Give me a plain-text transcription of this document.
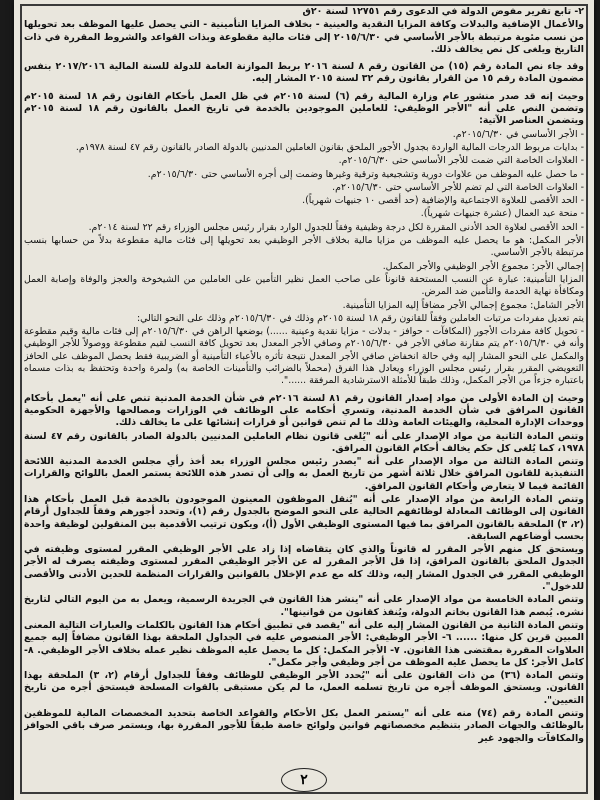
٢- تابع تقرير مفوض الدولة في الدعوى رقم ١٢٧٥١ لسنة ٢٠ق

والأعمال الإضافية والبدلات وكافة المزايا النقدية والعينية - بخلاف المزايا التأمينية - التي يحصل عليها الموظف بعد تحويلها من نسب مئوية مرتبطة بالأجر الأساسي في ٢٠١٥/٦/٣٠ إلى فئات مالية مقطوعة وبذات القواعد والشروط المقررة في ذات التاريخ ويلغى كل نص يخالف ذلك.

وقد جاء نص المادة رقم (١٥) من القانون رقم ٨ لسنة ٢٠١٦ بربط الموازنة العامة للدولة للسنة المالية ٢٠١٧/٢٠١٦ بنفس مضمون المادة رقم ١٥ من القرار بقانون رقم ٣٢ لسنة ٢٠١٥ المشار إليه.

وحيث إنه قد صدر منشور عام وزارة المالية رقم (٦) لسنة ٢٠١٥م في ظل العمل بأحكام القانون رقم ١٨ لسنة ٢٠١٥م وتضمن النص على أنه "الأجر الوظيفي: للعاملين الموجودين بالخدمة في تاريخ العمل بالقانون رقم ١٨ لسنة ٢٠١٥م ويتضمن العناصر الآتية:

- الأجر الأساسي في ٢٠١٥/٦/٣٠م.

- بدايات مربوط الدرجات المالية الواردة بجدول الأجور الملحق بقانون العاملين المدنيين بالدولة الصادر بالقانون رقم ٤٧ لسنة ١٩٧٨م.

- العلاوات الخاصة التي ضمت للأجر الأساسي حتى ٢٠١٥/٦/٣٠م.

- ما حصل عليه الموظف من علاوات دورية وتشجيعية وترقية وغيرها وضمت إلى أجره الأساسي حتى ٢٠١٥/٦/٣٠م.

- العلاوات الخاصة التي لم تضم للأجر الأساسي حتى ٢٠١٥/٦/٣٠م.

- الحد الأقصى للعلاوة الاجتماعية والإضافية (حد أقصى ١٠ جنيهات شهرياً).

- منحة عيد العمال (عشرة جنيهات شهرياً).

- الحد الأقصى لعلاوة الحد الأدنى المقررة لكل درجة وظيفية وفقاً للجدول الوارد بقرار رئيس مجلس الوزراء رقم ٢٢ لسنة ٢٠١٤م.

الأجر المكمل: هو ما يحصل عليه الموظف من مزايا مالية بخلاف الأجر الوظيفي بعد تحويلها إلى فئات مالية مقطوعة بدلاً من حسابها بنسب مرتبطة بالأجر الأساسي.

إجمالي الأجر: مجموع الأجر الوظيفي والأجر المكمل.

المزايا التأمينية: عبارة عن النسب المستحقة قانوناً على صاحب العمل نظير التأمين على العاملين من الشيخوخة والعجز والوفاة وإصابة العمل ومكافأة نهاية الخدمة والتأمين ضد المرض.

الأجر الشامل: مجموع إجمالي الأجر مضافاً إليه المزايا التأمينية.

يتم تعديل مفردات مرتبات العاملين وفقاً للقانون رقم ١٨ لسنة ٢٠١٥م وذلك في ٢٠١٥/٦/٣٠م وذلك على النحو التالي:

- تحويل كافة مفردات الأجور (المكافآت - حوافز - بدلات - مزايا نقدية وعينية ......) بوضعها الراهن في ٢٠١٥/٦/٣٠م إلى فئات مالية وقيم مقطوعة وأنه في ٢٠١٥/٦/٣٠م يتم مقارنة صافي الأجر في ٢٠١٥/٦/٣٠م وصافي الأجر المعدل بعد تحويل كافة النسب لقيم مقطوعة ووصولاً للأجر الوظيفي والمكمل على النحو المشار إليه وفي حالة انخفاض صافي الأجر المعدل نتيجة تأثره بالأعباء التأمينية أو الضريبية فقط يحصل الموظف على الحافز التعويضي المقرر بقرار رئيس مجلس الوزراء ويعادل هذا الفرق (محملاً بالضرائب والتأمينات الخاصة به) ولمرة واحدة وتحتفظ به بذات مسماه باعتباره جزءاً من الأجر المكمل، وذلك طبقاً للأمثلة الاسترشادية المرفقة ......".

وحيث إن المادة الأولى من مواد إصدار القانون رقم ٨١ لسنة ٢٠١٦م في شأن الخدمة المدنية تنص على أنه "يعمل بأحكام القانون المرافق في شأن الخدمة المدنية، وتسري أحكامه على الوظائف في الوزارات ومصالحها والأجهزة الحكومية ووحدات الإدارة المحلية، والهيئات العامة وذلك ما لم تنص قوانين أو قرارات إنشائها على ما يخالف ذلك.

وتنص المادة الثانية من مواد الإصدار على أنه "يُلغى قانون نظام العاملين المدنيين بالدولة الصادر بالقانون رقم ٤٧ لسنة ١٩٧٨، كما يُلغى كل حكم يخالف أحكام القانون المرافق.

وتنص المادة الثالثة من مواد الإصدار على أنه "يصدر رئيس مجلس الوزراء بعد أخذ رأي مجلس الخدمة المدنية اللائحة التنفيذية للقانون المرافق خلال ثلاثة أشهر من تاريخ العمل به وإلى أن تصدر هذه اللائحة يستمر العمل باللوائح والقرارات القائمة فيما لا يتعارض وأحكام القانون المرافق.

وتنص المادة الرابعة من مواد الإصدار على أنه "يُنقل الموظفون المعينون الموجودون بالخدمة قبل العمل بأحكام هذا القانون إلى الوظائف المعادلة لوظائفهم الحالية على النحو الموضح بالجدول رقم (١)، وتحدد أجورهم وفقاً للجداول أرقام (٢، ٣) الملحقة بالقانون المرافق بما فيها المستوى الوظيفي الأول (أ)، ويكون ترتيب الأقدمية بين المنقولين لوظيفة واحدة بحسب أوضاعهم السابقة.

ويستحق كل منهم الأجر المقرر له قانوناً والذي كان يتقاضاه إذا زاد على الأجر الوظيفي المقرر لمستوى وظيفته في الجدول الملحق بالقانون المرافق، إذا قل الأجر المقرر له عن الأجر الوظيفي المقرر لمستوى وظيفته يصرف له الأجر الوظيفي المقرر في الجدول المشار إليه، وذلك كله مع عدم الإخلال بالقوانين والقرارات المنظمة للحدين الأدنى والأقصى للدخول".

وتنص المادة الخامسة من مواد الإصدار على أنه "ينشر هذا القانون في الجريدة الرسمية، ويعمل به من اليوم التالي لتاريخ نشره. يُبصم هذا القانون بخاتم الدولة، ويُنفذ كقانون من قوانينها".

وتنص المادة الثانية من القانون المشار إليه على أنه "يقصد في تطبيق أحكام هذا القانون بالكلمات والعبارات التالية المعنى المبين قرين كل منها: ...... ٦- الأجر الوظيفي: الأجر المنصوص عليه في الجداول الملحقة بهذا القانون مضافاً إليه جميع العلاوات المقررة بمقتضى هذا القانون. ٧- الأجر المكمل: كل ما يحصل عليه الموظف نظير عمله بخلاف الأجر الوظيفي. ٨- كامل الأجر: كل ما يحصل عليه الموظف من أجر وظيفي وأجر مكمل".

وتنص المادة (٣٦) من ذات القانون على أنه "يُحدد الأجر الوظيفي للوظائف وفقاً للجداول أرقام (٢، ٣) الملحقة بهذا القانون. ويستحق الموظف أجره من تاريخ تسلمه العمل، ما لم يكن مستبقى بالقوات المسلحة فيستحق أجره من تاريخ التعيين".

وتنص المادة رقم (٧٤) منه على أنه "يستمر العمل بكل الأحكام والقواعد الخاصة بتحديد المخصصات المالية للموظفين بالوظائف والجهات الصادر بتنظيم مخصصاتهم قوانين ولوائح خاصة طبقاً للأجور المقررة بها، ويستمر صرف باقي الحوافز والمكافآت والجهود غير

٢
